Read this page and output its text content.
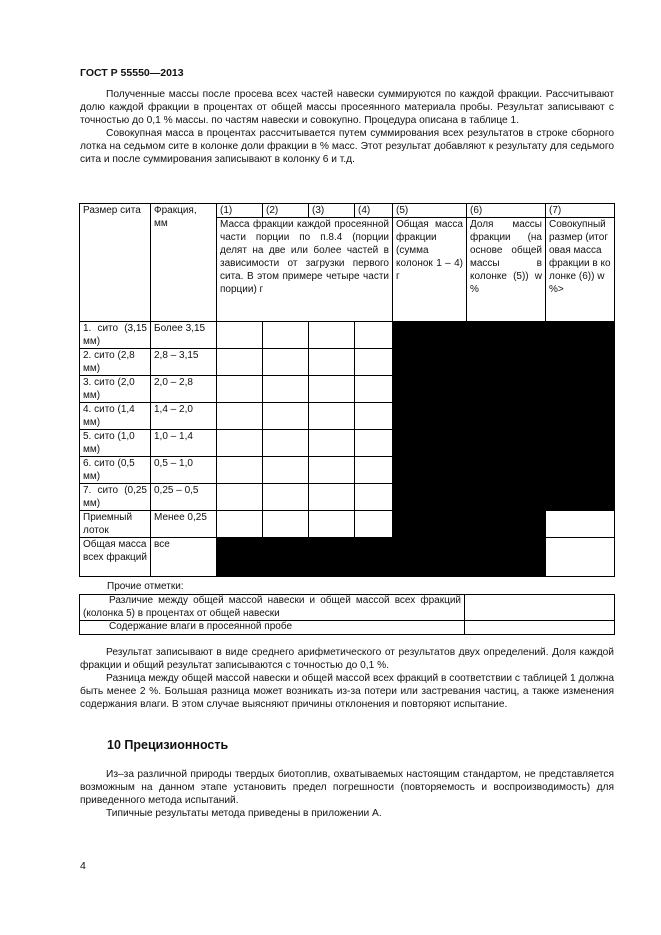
ГОСТ Р 55550—2013

Полученные массы после просева всех частей навески суммируются по каждой фракции. Рассчитывают долю каждой фракции в процентах от общей массы просеянного материала пробы. Результат записывают с точностью до 0,1 % массы. по частям навески и совокупно. Процедура описана в таблице 1.

Совокупная масса в процентах рассчитывается путем суммирования всех результатов в строке сборного лотка на седьмом сите в колонке доли фракции в % масс. Этот результат добавляют к результату для седьмого сита и после суммирования записывают в колонку 6 и т.д.

Размер сита	Фракция, мм	(1)	(2)	(3)	(4)	(5)	(6)	(7)
		Масса фракции каждой просеянной части порции по п.8.4 (порции делят на две или более частей в зависимости от загрузки первого сита. В этом примере четыре части порции) г				Общая масса фракции (сумма колонок 1 – 4) г	Доля массы фракции (на основе общей массы в колонке (5)) w %	Совокупный размер (итоговая масса фракции в колонке (6)) w %>
1. сито (3,15 мм)	Более 3,15							
2. сито (2,8 мм)	2,8 – 3,15							
3. сито (2,0 мм)	2,0 – 2,8							
4. сито (1,4 мм)	1,4 – 2,0							
5. сито (1,0 мм)	1,0 – 1,4							
6. сито (0,5 мм)	0,5 – 1,0							
7. сито (0,25 мм)	0,25 – 0,5							
Приемный лоток	Менее 0,25							
Общая масса всех фракций	все							
Прочие отметки:
Различие между общей массой навески и общей массой всех фракций (колонка 5) в процентах от общей навески	
Содержание влаги в просеянной пробе	

Результат записывают в виде среднего арифметического от результатов двух определений. Доля каждой фракции и общий результат записываются с точностью до 0,1 %.

Разница между общей массой навески и общей массой всех фракций в соответствии с таблицей 1 должна быть менее 2 %. Большая разница может возникать из-за потери или застревания частиц, а также изменения содержания влаги. В этом случае выясняют причины отклонения и повторяют испытание.

10 Прецизионность

Из–за различной природы твердых биотоплив, охватываемых настоящим стандартом, не представляется возможным на данном этапе установить предел погрешности (повторяемость и воспроизводимость) для приведенного метода испытаний.

Типичные результаты метода приведены в приложении А.

4
